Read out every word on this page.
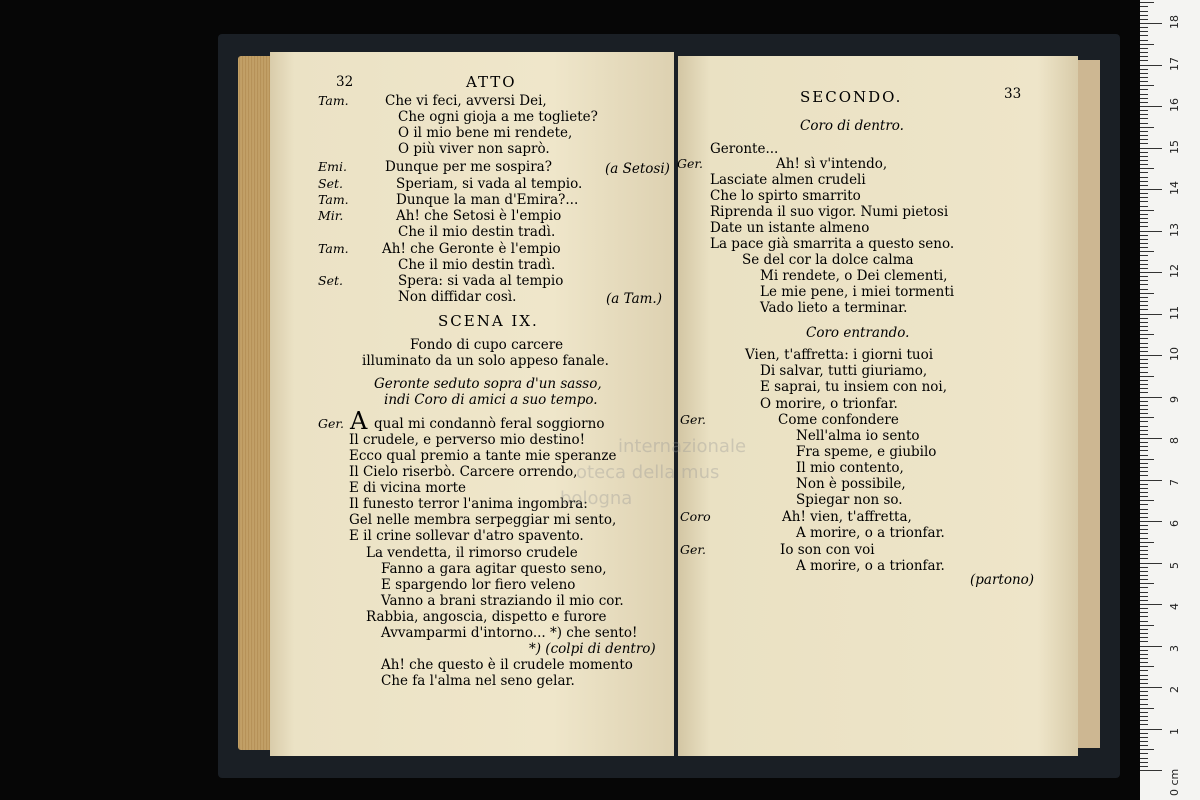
32	ATTO
Tam.	Che vi feci, avversi Dei,
Che ogni gioja a me togliete?
O il mio bene mi rendete,
O più viver non saprò.
Emi.	Dunque per me sospira?	(a Setosi)
Set.	Speriam, si vada al tempio.
Tam.	Dunque la man d'Emira?...
Mir.	Ah! che Setosi è l'empio
Che il mio destin tradì.
Tam. Ah! che Geronte è l'empio
Che il mio destin tradì.
Set.	Spera: si vada al tempio
Non diffidar così.	(a Tam.)
SCENA IX.
Fondo di cupo carcere
illuminato da un solo appeso fanale.
Geronte seduto sopra d'un sasso,
indi Coro di amici a suo tempo.
Ger. A qual mi condannò feral soggiorno
Il crudele, e perverso mio destino!
Ecco qual premio a tante mie speranze
Il Cielo riserbò. Carcere orrendo,
E di vicina morte
Il funesto terror l'anima ingombra:
Gel nelle membra serpeggiar mi sento,
E il crine sollevar d'atro spavento.
La vendetta, il rimorso crudele
Fanno a gara agitar questo seno,
E spargendo lor fiero veleno
Vanno a brani straziando il mio cor.
Rabbia, angoscia, dispetto e furore
Avvamparmi d'intorno... *) che sento!
Ah! che questo è il crudele momento
Che fa l'alma nel seno gelar.
*) (colpi di dentro)
SECONDO.	33
Coro di dentro.
Geronte...
Ger.	Ah! sì v'intendo,
Lasciate almen crudeli
Che lo spirto smarrito
Riprenda il suo vigor. Numi pietosi
Date un istante almeno
La pace già smarrita a questo seno.
Se del cor la dolce calma
Mi rendete, o Dei clementi,
Le mie pene, i miei tormenti
Vado lieto a terminar.
Coro entrando.
Vien, t'affretta: i giorni tuoi
Di salvar, tutti giuriamo,
E saprai, tu insiem con noi,
O morire, o trionfar.
Ger.	Come confondere
Nell'alma io sento
Fra speme, e giubilo
Il mio contento,
Non è possibile,
Spiegar non so.
Coro	Ah! vien, t'affretta,
A morire, o a trionfar.
Ger.	Io son con voi
A morire, o a trionfar.
(partono)
internazionale
oteca della mus
bologna
0 cm
1
2
3
4
5
6
7
8
9
10
11
12
13
14
15
16
17
18
